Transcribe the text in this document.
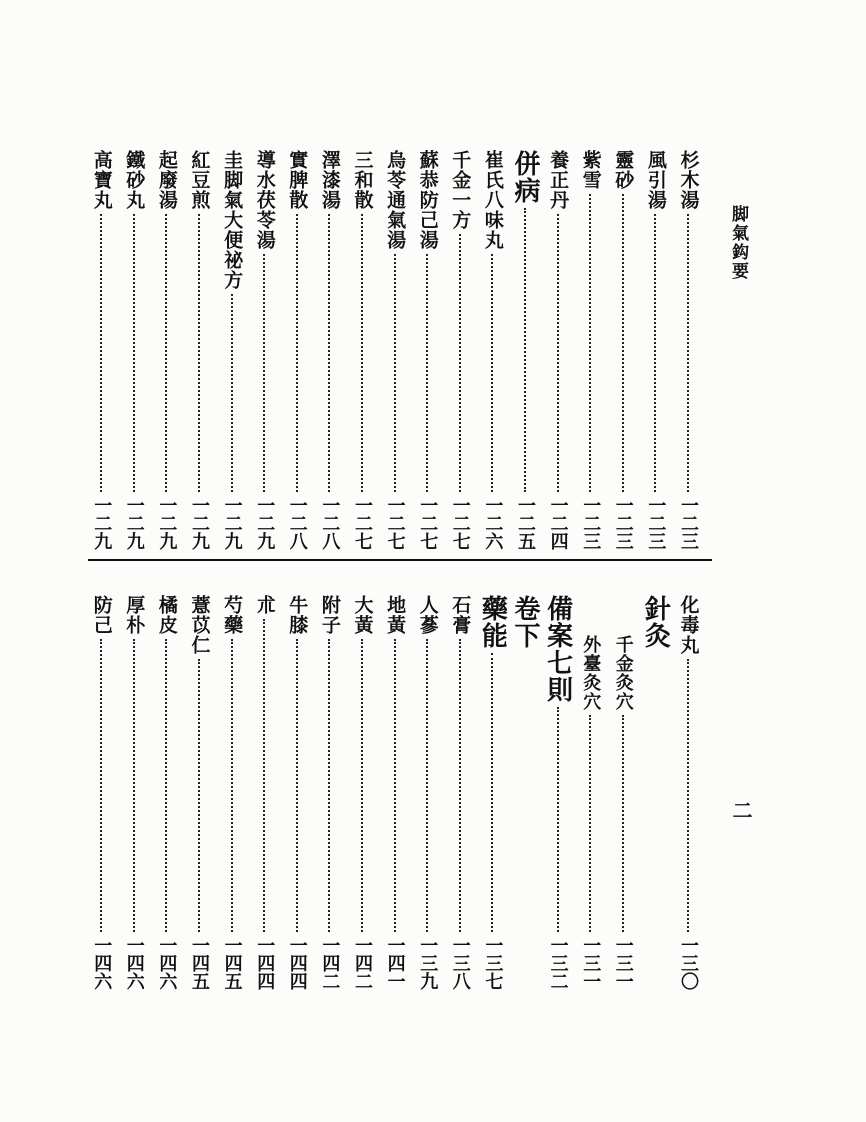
脚氣鈎要
二
杉木湯
一二三
風引湯
一二三
靈砂
一二三
紫雪
一二三
養正丹
一二四
併病
一二五
崔氏八味丸
一二六
千金一方
一二七
蘇恭防己湯
一二七
烏苓通氣湯
一二七
三和散
一二七
澤漆湯
一二八
實脾散
一二八
導水茯苓湯
一二九
圭脚氣大便祕方
一二九
紅豆煎
一二九
起廢湯
一二九
鐵砂丸
一二九
高寶丸
一二九
化毒丸
一三〇
針灸
千金灸穴
一三一
外臺灸穴
一三一
備案七則
一三二
卷下
藥能
一三七
石膏
一三八
人蔘
一三九
地黃
一四一
大黃
一四二
附子
一四二
牛膝
一四四
朮
一四四
芍藥
一四五
薏苡仁
一四五
橘皮
一四六
厚朴
一四六
防己
一四六
